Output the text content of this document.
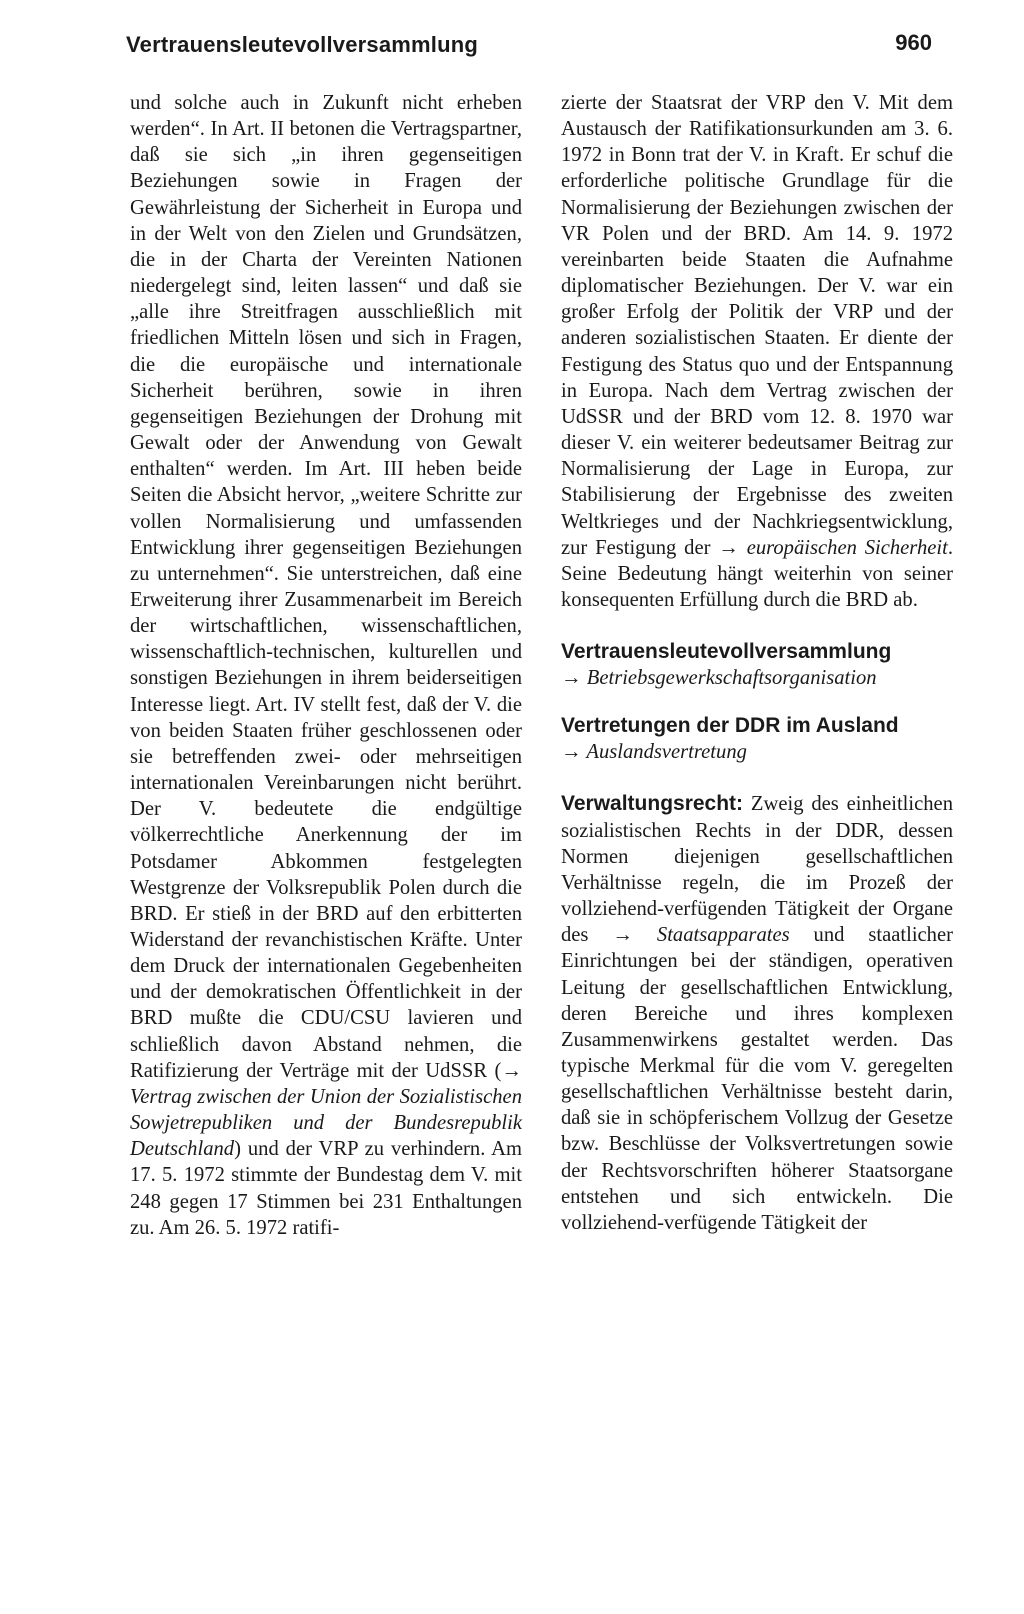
Vertrauensleutevollversammlung	960

und solche auch in Zukunft nicht erheben werden“. In Art. II betonen die Vertragspartner, daß sie sich „in ihren gegenseitigen Beziehungen sowie in Fragen der Gewährleistung der Sicherheit in Europa und in der Welt von den Zielen und Grundsätzen, die in der Charta der Vereinten Nationen niedergelegt sind, leiten lassen“ und daß sie „alle ihre Streitfragen ausschließlich mit friedlichen Mitteln lösen und sich in Fragen, die die europäische und internationale Sicherheit berühren, sowie in ihren gegenseitigen Beziehungen der Drohung mit Gewalt oder der Anwendung von Gewalt enthalten“ werden. Im Art. III heben beide Seiten die Absicht hervor, „weitere Schritte zur vollen Normalisierung und umfassenden Entwicklung ihrer gegenseitigen Beziehungen zu unternehmen“. Sie unterstreichen, daß eine Erweiterung ihrer Zusammenarbeit im Bereich der wirtschaftlichen, wissenschaftlichen, wissenschaftlich-technischen, kulturellen und sonstigen Beziehungen in ihrem beiderseitigen Interesse liegt. Art. IV stellt fest, daß der V. die von beiden Staaten früher geschlossenen oder sie betreffenden zwei- oder mehrseitigen internationalen Vereinbarungen nicht berührt. Der V. bedeutete die endgültige völkerrechtliche Anerkennung der im Potsdamer Abkommen festgelegten Westgrenze der Volksrepublik Polen durch die BRD. Er stieß in der BRD auf den erbitterten Widerstand der revanchistischen Kräfte. Unter dem Druck der internationalen Gegebenheiten und der demokratischen Öffentlichkeit in der BRD mußte die CDU/CSU lavieren und schließlich davon Abstand nehmen, die Ratifizierung der Verträge mit der UdSSR (→ Vertrag zwischen der Union der Sozialistischen Sowjetrepubliken und der Bundesrepublik Deutschland) und der VRP zu verhindern. Am 17. 5. 1972 stimmte der Bundestag dem V. mit 248 gegen 17 Stimmen bei 231 Enthaltungen zu. Am 26. 5. 1972 ratifi-

zierte der Staatsrat der VRP den V. Mit dem Austausch der Ratifikationsurkunden am 3. 6. 1972 in Bonn trat der V. in Kraft. Er schuf die erforderliche politische Grundlage für die Normalisierung der Beziehungen zwischen der VR Polen und der BRD. Am 14. 9. 1972 vereinbarten beide Staaten die Aufnahme diplomatischer Beziehungen. Der V. war ein großer Erfolg der Politik der VRP und der anderen sozialistischen Staaten. Er diente der Festigung des Status quo und der Entspannung in Europa. Nach dem Vertrag zwischen der UdSSR und der BRD vom 12. 8. 1970 war dieser V. ein weiterer bedeutsamer Beitrag zur Normalisierung der Lage in Europa, zur Stabilisierung der Ergebnisse des zweiten Weltkrieges und der Nachkriegsentwicklung, zur Festigung der → europäischen Sicherheit. Seine Bedeutung hängt weiterhin von seiner konsequenten Erfüllung durch die BRD ab.

Vertrauensleutevollversammlung

→ Betriebsgewerkschaftsorganisation

Vertretungen der DDR im Ausland

→ Auslandsvertretung

Verwaltungsrecht: Zweig des einheitlichen sozialistischen Rechts in der DDR, dessen Normen diejenigen gesellschaftlichen Verhältnisse regeln, die im Prozeß der vollziehend-verfügenden Tätigkeit der Organe des → Staatsapparates und staatlicher Einrichtungen bei der ständigen, operativen Leitung der gesellschaftlichen Entwicklung, deren Bereiche und ihres komplexen Zusammenwirkens gestaltet werden. Das typische Merkmal für die vom V. geregelten gesellschaftlichen Verhältnisse besteht darin, daß sie in schöpferischem Vollzug der Gesetze bzw. Beschlüsse der Volksvertretungen sowie der Rechtsvorschriften höherer Staatsorgane entstehen und sich entwickeln. Die vollziehend-verfügende Tätigkeit der
